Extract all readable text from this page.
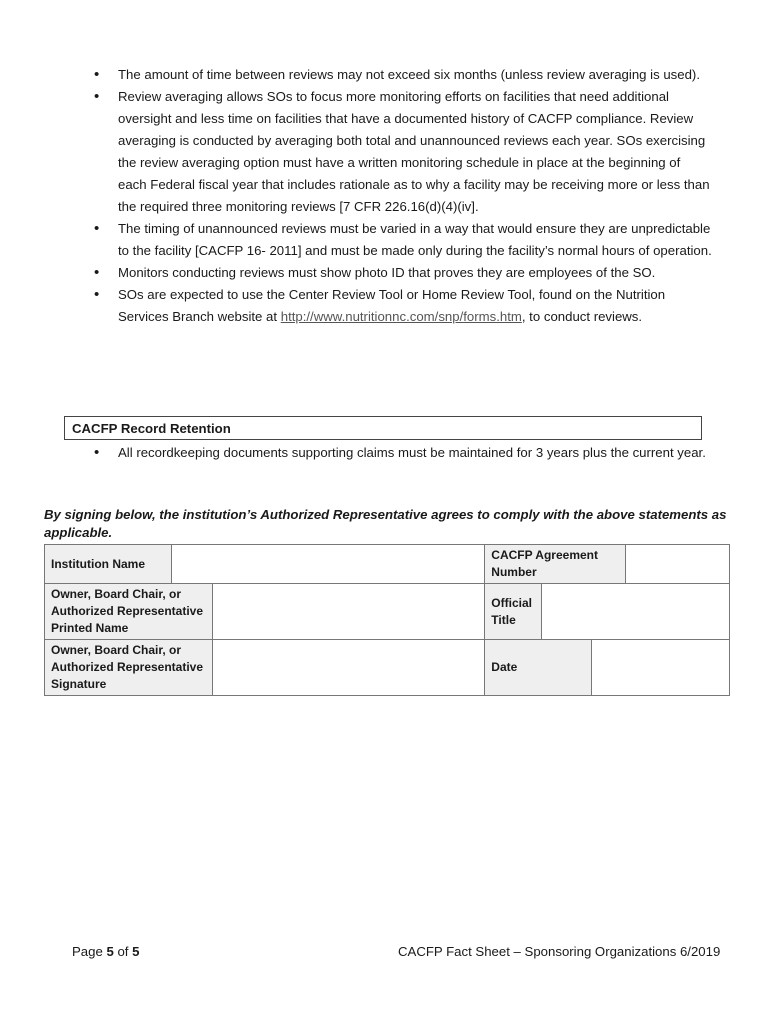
• The amount of time between reviews may not exceed six months (unless review averaging is used).
• Review averaging allows SOs to focus more monitoring efforts on facilities that need additional oversight and less time on facilities that have a documented history of CACFP compliance. Review averaging is conducted by averaging both total and unannounced reviews each year. SOs exercising the review averaging option must have a written monitoring schedule in place at the beginning of each Federal fiscal year that includes rationale as to why a facility may be receiving more or less than the required three monitoring reviews [7 CFR 226.16(d)(4)(iv].
• The timing of unannounced reviews must be varied in a way that would ensure they are unpredictable to the facility [CACFP 16- 2011] and must be made only during the facility’s normal hours of operation.
• Monitors conducting reviews must show photo ID that proves they are employees of the SO.
• SOs are expected to use the Center Review Tool or Home Review Tool, found on the Nutrition Services Branch website at http://www.nutritionnc.com/snp/forms.htm, to conduct reviews.
CACFP Record Retention
• All recordkeeping documents supporting claims must be maintained for 3 years plus the current year.
By signing below, the institution’s Authorized Representative agrees to comply with the above statements as applicable.
Institution Name			CACFP Agreement Number			
Owner, Board Chair, or Authorized Representative Printed Name			Official Title			
Owner, Board Chair, or Authorized Representative Signature			Date			
Page 5 of 5	CACFP Fact Sheet – Sponsoring Organizations 6/2019
